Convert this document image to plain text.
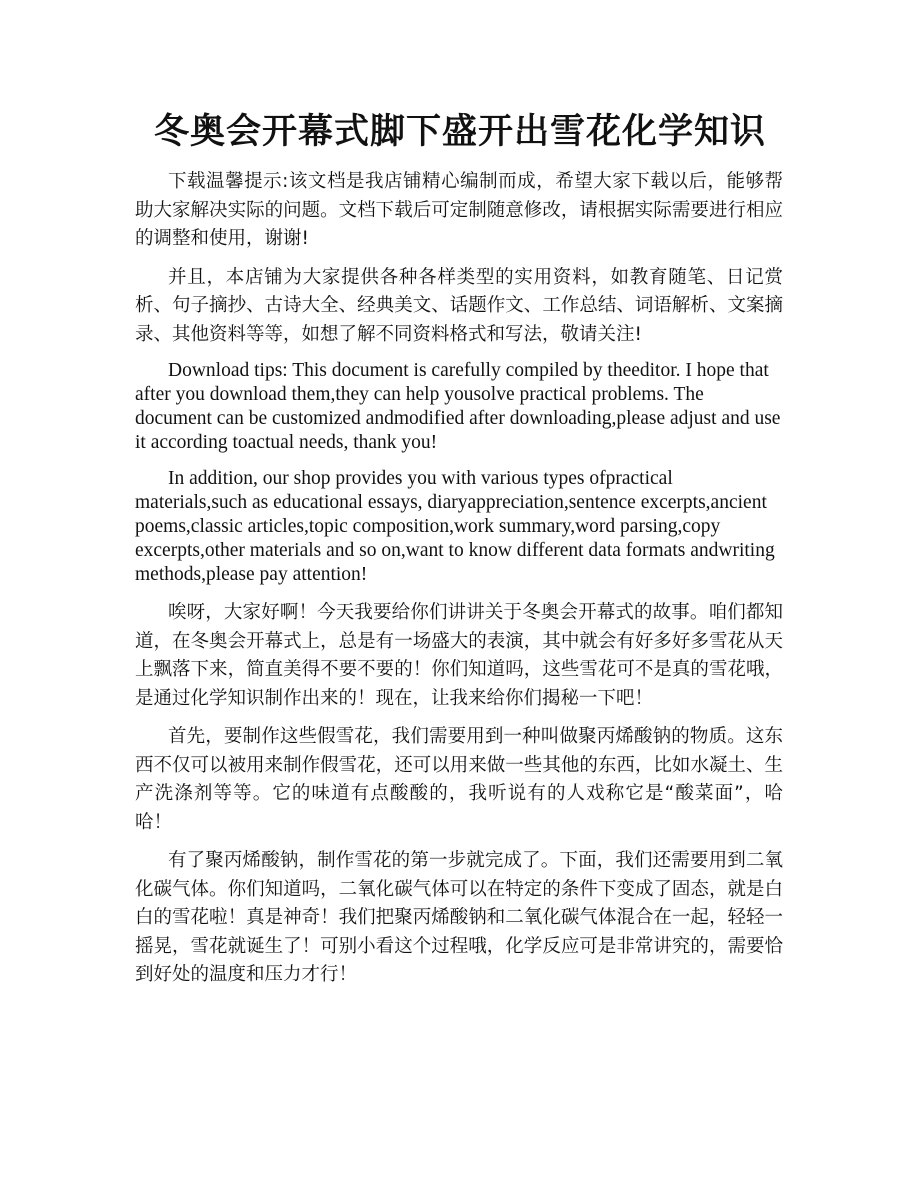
冬奥会开幕式脚下盛开出雪花化学知识

下载温馨提示:该文档是我店铺精心编制而成，希望大家下载以后，能够帮助大家解决实际的问题。文档下载后可定制随意修改，请根据实际需要进行相应的调整和使用，谢谢!

并且，本店铺为大家提供各种各样类型的实用资料，如教育随笔、日记赏析、句子摘抄、古诗大全、经典美文、话题作文、工作总结、词语解析、文案摘录、其他资料等等，如想了解不同资料格式和写法，敬请关注!

Download tips: This document is carefully compiled by theeditor. I hope that after you download them,they can help yousolve practical problems. The document can be customized andmodified after downloading,please adjust and use it according toactual needs, thank you!

In addition, our shop provides you with various types ofpractical materials,such as educational essays, diaryappreciation,sentence excerpts,ancient poems,classic articles,topic composition,work summary,word parsing,copy excerpts,other materials and so on,want to know different data formats andwriting methods,please pay attention!

唉呀，大家好啊！今天我要给你们讲讲关于冬奥会开幕式的故事。咱们都知道，在冬奥会开幕式上，总是有一场盛大的表演，其中就会有好多好多雪花从天上飘落下来，简直美得不要不要的！你们知道吗，这些雪花可不是真的雪花哦，是通过化学知识制作出来的！现在，让我来给你们揭秘一下吧！

首先，要制作这些假雪花，我们需要用到一种叫做聚丙烯酸钠的物质。这东西不仅可以被用来制作假雪花，还可以用来做一些其他的东西，比如水凝土、生产洗涤剂等等。它的味道有点酸酸的，我听说有的人戏称它是“酸菜面”，哈哈！

有了聚丙烯酸钠，制作雪花的第一步就完成了。下面，我们还需要用到二氧化碳气体。你们知道吗，二氧化碳气体可以在特定的条件下变成了固态，就是白白的雪花啦！真是神奇！我们把聚丙烯酸钠和二氧化碳气体混合在一起，轻轻一摇晃，雪花就诞生了！可别小看这个过程哦，化学反应可是非常讲究的，需要恰到好处的温度和压力才行！
